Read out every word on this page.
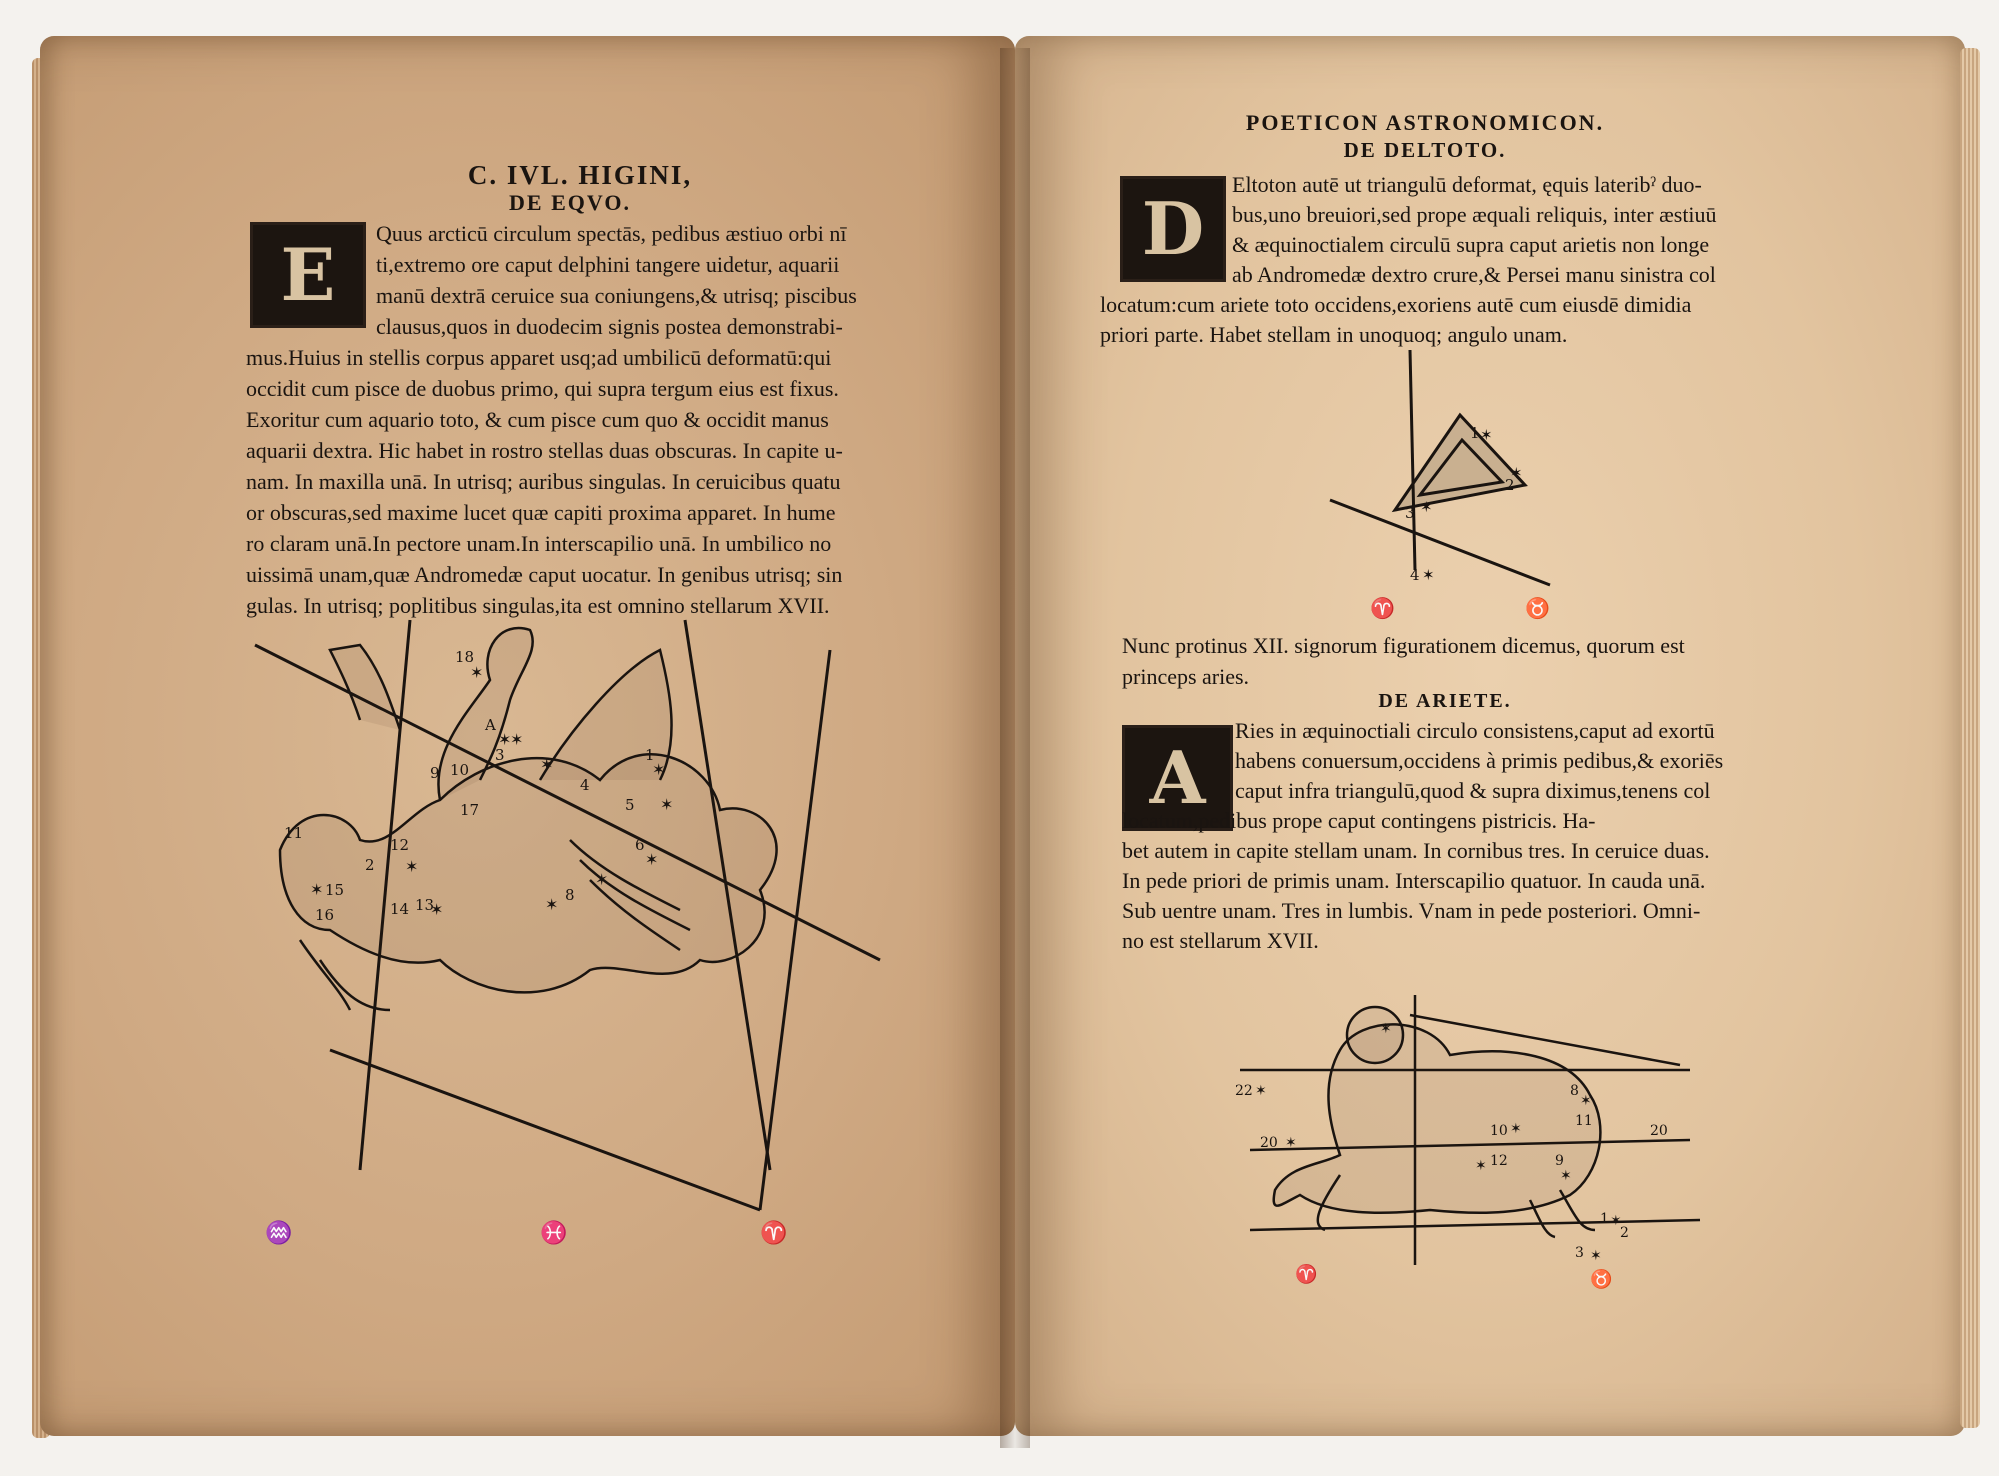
C. IVL. HIGINI,
DE EQVO.
E	Quus arcticū circulum spectās, pedibus æstiuo orbi nī
ti,extremo ore caput delphini tangere uidetur, aquarii
manū dextrā ceruice sua coniungens,& utrisq; piscibus
clausus,quos in duodecim signis postea demonstrabi-
mus.Huius in stellis corpus apparet usq;ad umbilicū deformatū:qui
occidit cum pisce de duobus primo, qui supra tergum eius est fixus.
Exoritur cum aquario toto, & cum pisce cum quo & occidit manus
aquarii dextra. Hic habet in rostro stellas duas obscuras. In capite u-
nam. In maxilla unā. In utrisq; auribus singulas. In ceruicibus quatu
or obscuras,sed maxime lucet quæ capiti proxima apparet. In hume
ro claram unā.In pectore unam.In interscapilio unā. In umbilico no
uissimā unam,quæ Andromedæ caput uocatur. In genibus utrisq; sin
gulas. In utrisq; poplitibus singulas,ita est omnino stellarum XVII.
18
A
9 10
3	1
4
5
6
8
11
12
2
13
14
15
16
17
✶
✶
✶
✶	✶
✶
✶
✶
✶
✶
✶	✶
♒	♓	♈
POETICON ASTRONOMICON.
DE DELTOTO.
D
Eltoton autē ut triangulū deformat, ęquis lateribˀ duo-
bus,uno breuiori,sed prope æquali reliquis, inter æstiuū
& æquinoctialem circulū supra caput arietis non longe
ab Andromedæ dextro crure,& Persei manu sinistra col
locatum:cum ariete toto occidens,exoriens autē cum eiusdē dimidia
priori parte. Habet stellam in unoquoq; angulo unam.
1
2
3
4
✶
✶
✶
✶
♈	♉
Nunc protinus XII. signorum figurationem dicemus, quorum est
princeps aries.
DE ARIETE.
A
Ries in æquinoctiali circulo consistens,caput ad exortū
habens conuersum,occidens à primis pedibus,& exoriēs
caput infra triangulū,quod & supra diximus,tenens col
locatum,pedibus prope caput contingens pistricis. Ha-
bet autem in capite stellam unam. In cornibus tres. In ceruice duas.
In pede priori de primis unam. Interscapilio quatuor. In cauda unā.
Sub uentre unam. Tres in lumbis. Vnam in pede posteriori. Omni-
no est stellarum XVII.
22
20
10
12	9
8
11
20
1
2
3
✶
✶
✶
✶
✶
✶
✶
✶
✶
♈	♉
